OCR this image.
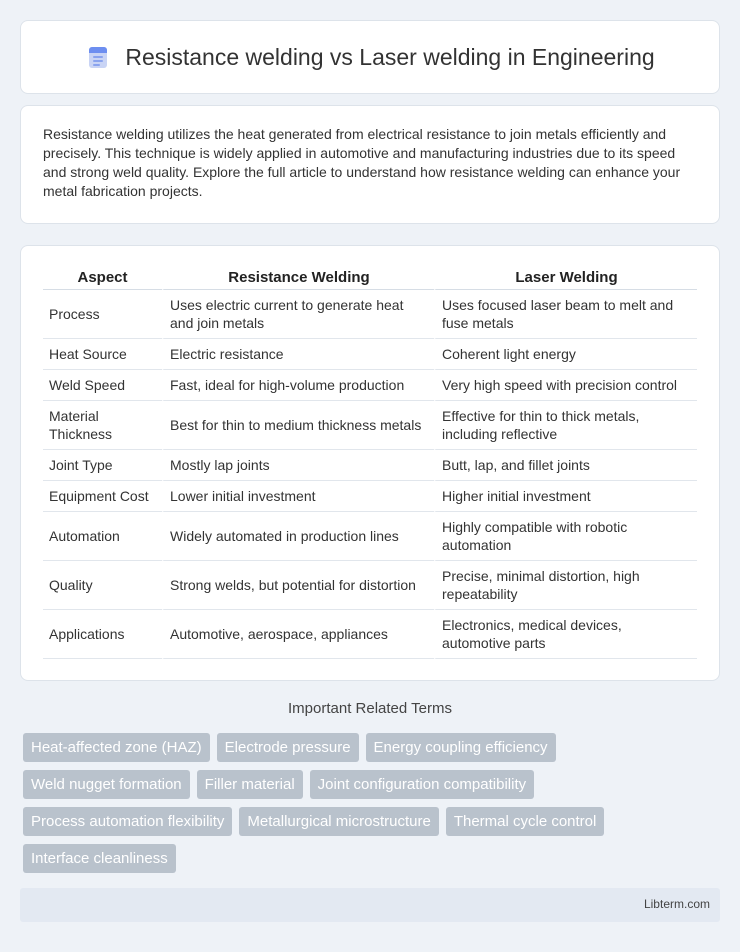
Resistance welding vs Laser welding in Engineering

Resistance welding utilizes the heat generated from electrical resistance to join metals efficiently and precisely. This technique is widely applied in automotive and manufacturing industries due to its speed and strong weld quality. Explore the full article to understand how resistance welding can enhance your metal fabrication projects.

Aspect	Resistance Welding	Laser Welding
Process	Uses electric current to generate heat and join metals	Uses focused laser beam to melt and fuse metals
Heat Source	Electric resistance	Coherent light energy
Weld Speed	Fast, ideal for high-volume production	Very high speed with precision control
Material Thickness	Best for thin to medium thickness metals	Effective for thin to thick metals, including reflective
Joint Type	Mostly lap joints	Butt, lap, and fillet joints
Equipment Cost	Lower initial investment	Higher initial investment
Automation	Widely automated in production lines	Highly compatible with robotic automation
Quality	Strong welds, but potential for distortion	Precise, minimal distortion, high repeatability
Applications	Automotive, aerospace, appliances	Electronics, medical devices, automotive parts
Important Related Terms
Heat-affected zone (HAZ)	Electrode pressure	Energy coupling efficiency
Weld nugget formation	Filler material	Joint configuration compatibility
Process automation flexibility	Metallurgical microstructure	Thermal cycle control
Interface cleanliness
Libterm.com
